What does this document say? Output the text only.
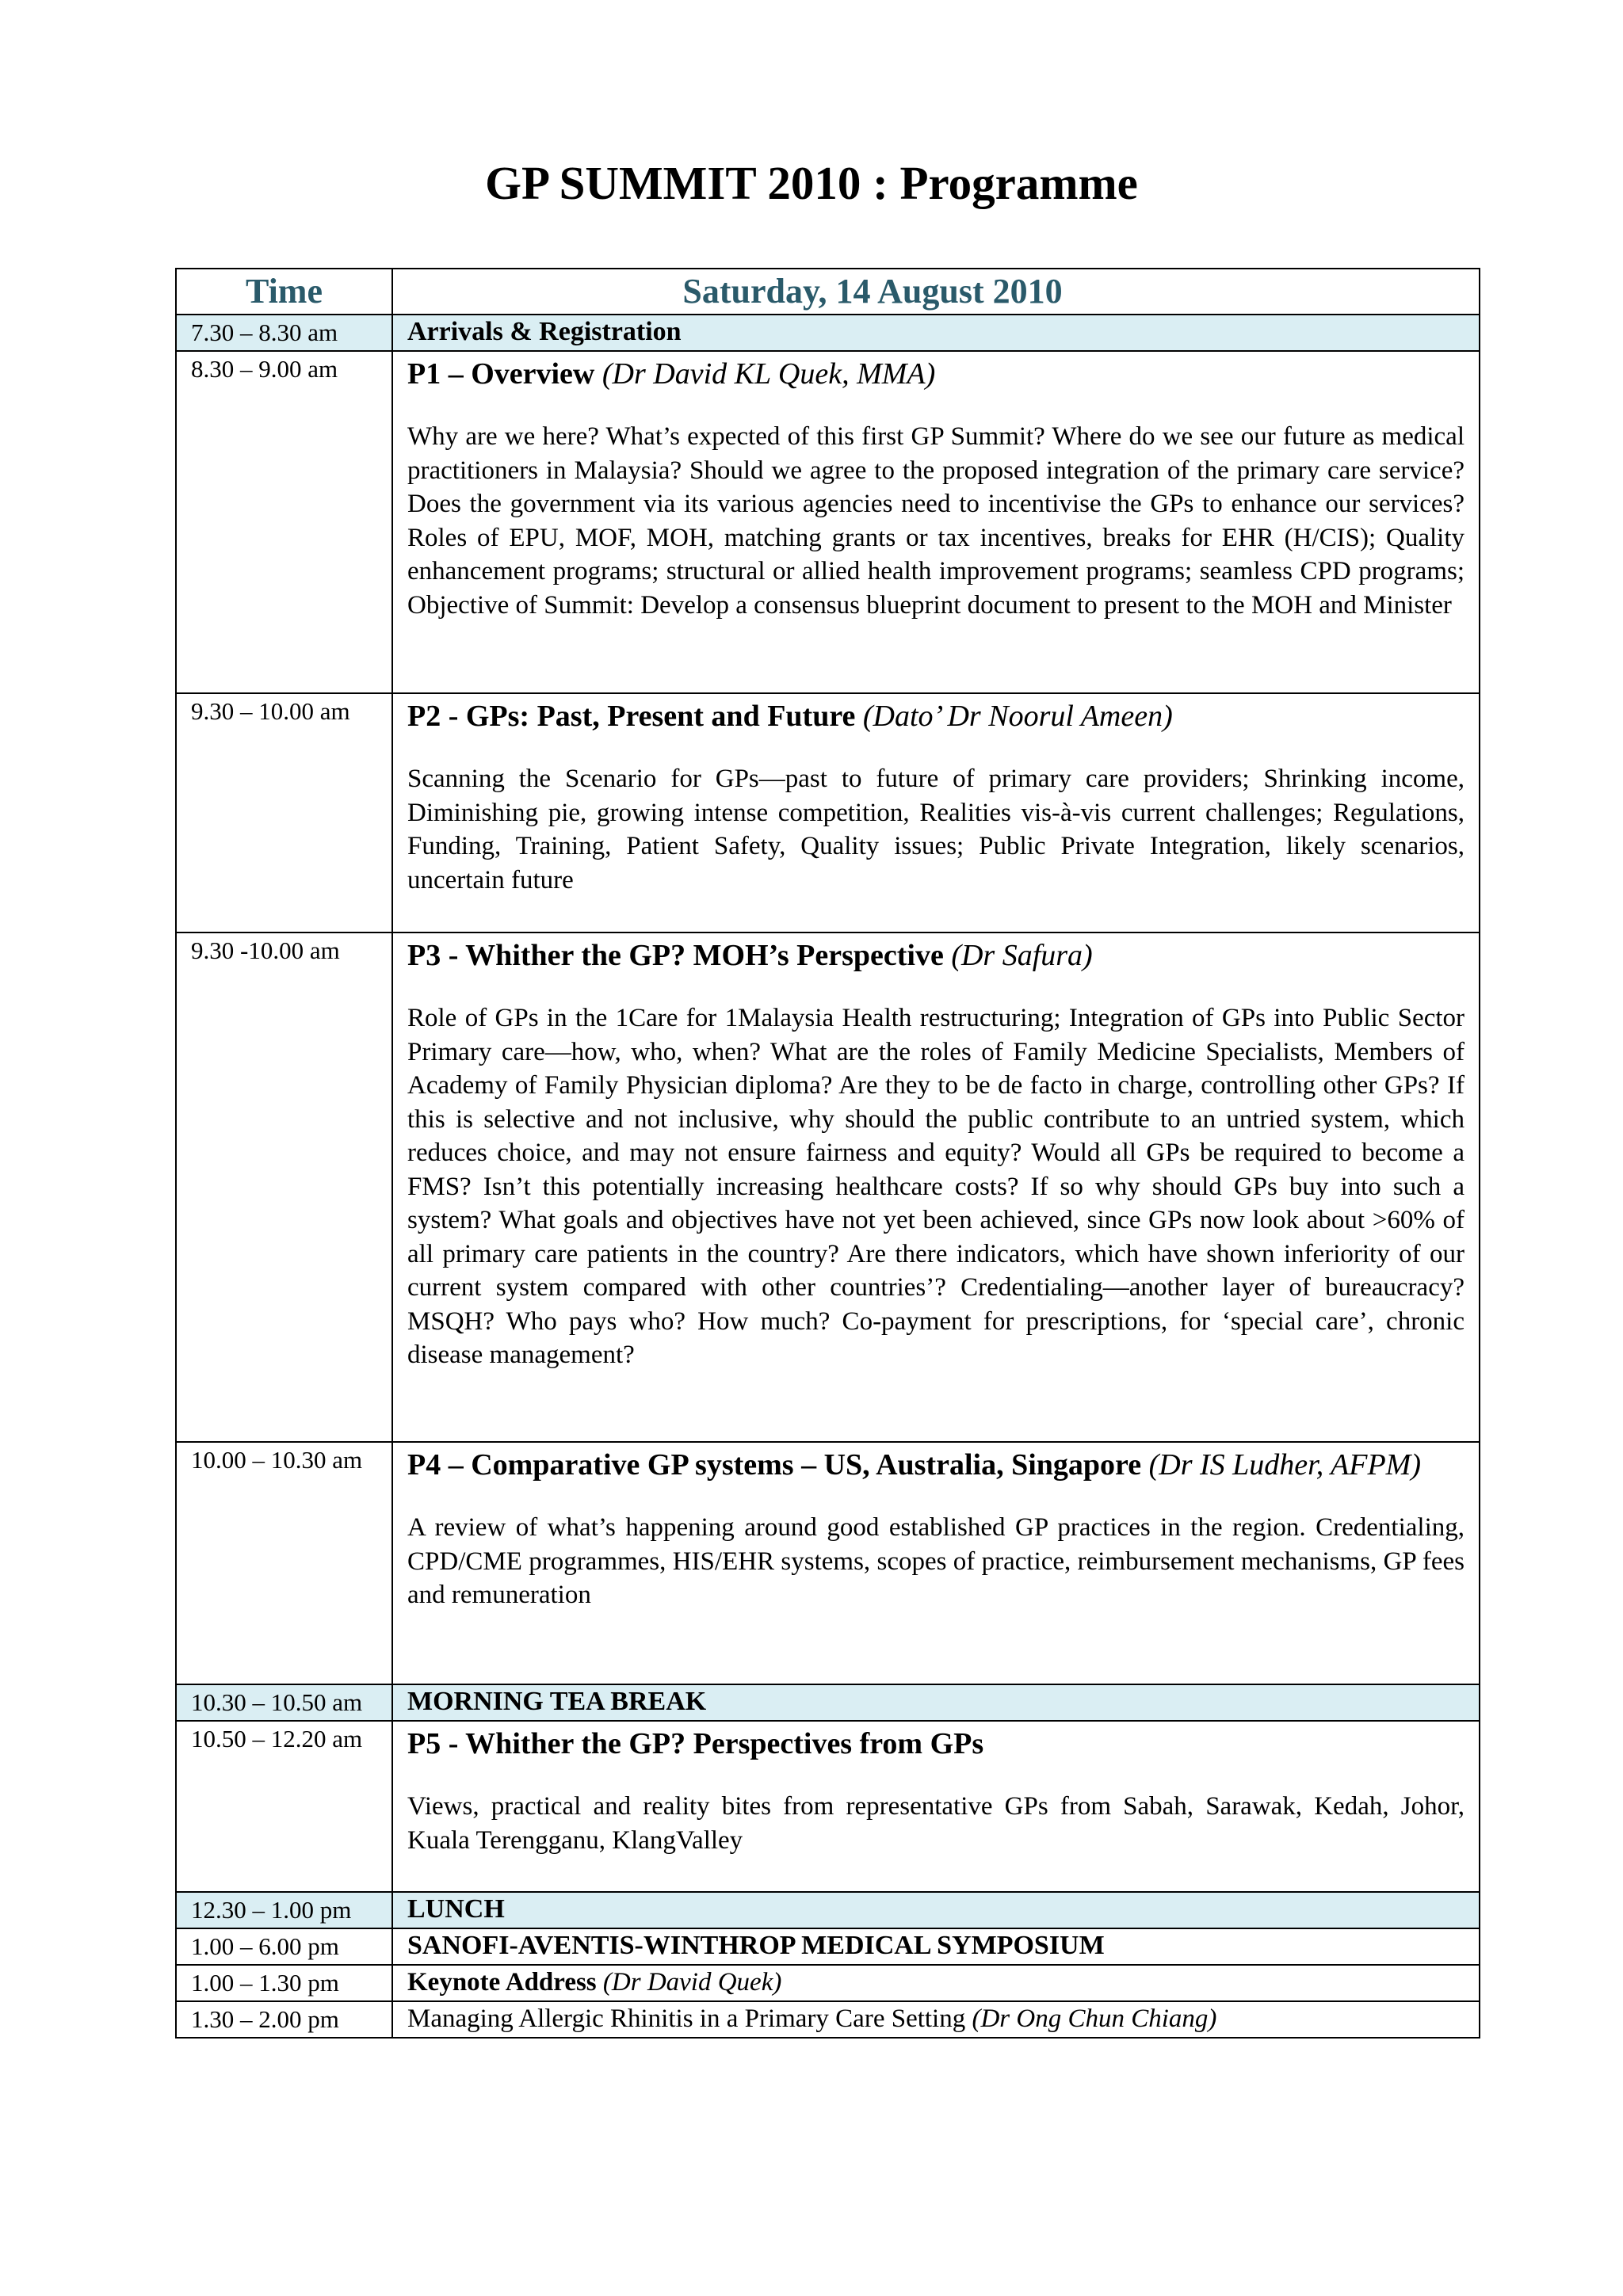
GP SUMMIT 2010 : Programme
Time	Saturday, 14 August 2010
7.30 – 8.30 am	Arrivals & Registration
8.30 – 9.00 am	P1 – Overview (Dr David KL Quek, MMA)

Why are we here? What’s expected of this first GP Summit? Where do we see our future as medical practitioners in Malaysia? Should we agree to the proposed integration of the primary care service? Does the government via its various agencies need to incentivise the GPs to enhance our services? Roles of EPU, MOF, MOH, matching grants or tax incentives, breaks for EHR (H/CIS); Quality enhancement programs; structural or allied health improvement programs; seamless CPD programs; Objective of Summit: Develop a consensus blueprint document to present to the MOH and Minister

9.30 – 10.00 am	P2 - GPs: Past, Present and Future (Dato’ Dr Noorul Ameen)

Scanning the Scenario for GPs—past to future of primary care providers; Shrinking income, Diminishing pie, growing intense competition, Realities vis-à-vis current challenges; Regulations, Funding, Training, Patient Safety, Quality issues; Public Private Integration, likely scenarios, uncertain future

9.30 -10.00 am	P3 - Whither the GP? MOH’s Perspective (Dr Safura)

Role of GPs in the 1Care for 1Malaysia Health restructuring; Integration of GPs into Public Sector Primary care—how, who, when? What are the roles of Family Medicine Specialists, Members of Academy of Family Physician diploma? Are they to be de facto in charge, controlling other GPs? If this is selective and not inclusive, why should the public contribute to an untried system, which reduces choice, and may not ensure fairness and equity? Would all GPs be required to become a FMS? Isn’t this potentially increasing healthcare costs? If so why should GPs buy into such a system? What goals and objectives have not yet been achieved, since GPs now look about >60% of all primary care patients in the country? Are there indicators, which have shown inferiority of our current system compared with other countries’? Credentialing—another layer of bureaucracy? MSQH? Who pays who? How much? Co-payment for prescriptions, for ‘special care’, chronic disease management?

10.00 – 10.30 am	P4 – Comparative GP systems – US, Australia, Singapore (Dr IS Ludher, AFPM)

A review of what’s happening around good established GP practices in the region. Credentialing, CPD/CME programmes, HIS/EHR systems, scopes of practice, reimbursement mechanisms, GP fees and remuneration

10.30 – 10.50 am	MORNING TEA BREAK
10.50 – 12.20 am	P5 - Whither the GP? Perspectives from GPs

Views, practical and reality bites from representative GPs from Sabah, Sarawak, Kedah, Johor, Kuala Terengganu, KlangValley

12.30 – 1.00 pm	LUNCH
1.00 – 6.00 pm	SANOFI-AVENTIS-WINTHROP MEDICAL SYMPOSIUM
1.00 – 1.30 pm	Keynote Address (Dr David Quek)
1.30 – 2.00 pm	Managing Allergic Rhinitis in a Primary Care Setting (Dr Ong Chun Chiang)
